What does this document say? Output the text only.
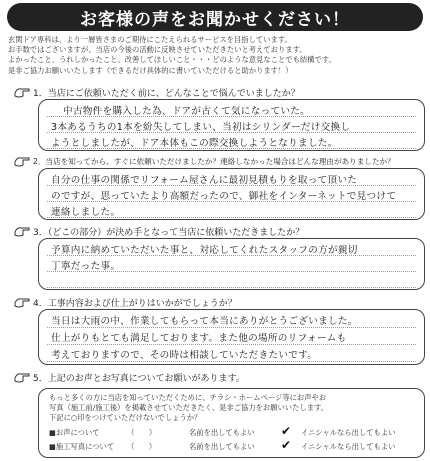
お客様の声をお聞かせください！
玄関ドア専科は、より一層皆さまのご期待にこたえられるサービスを目指しています。
お手数ではございますが、当店の今後の活動に反映させていただきたいと考えております。
よかったこと、うれしかったこと、改善してほしいこと・・・どのような意見なことでも結構です。
是非ご協力お願いいたします（できるだけ具体的に書いていただけると助かります！）
1．当店にご依頼いただく前に、どんなことで悩んでいましたか？
中古物件を購入した為、ドアが古くて気になっていた。
3本あるうちの1本を紛失してしまい、当初はシリンダーだけ交換し
ようとしましたが、ドア本体もこの際交換しようとなりました。
2．当店を知ってから、すぐに依頼いただけましたか？連絡しなかった場合はどんな理由がありましたか？
自分の仕事の関係でリフォーム屋さんに最初見積もりを取って頂いた
のですが、思っていたより高額だったので、御社をインターネットで見つけて
連絡しました。
3．（どこの部分）が決め手となって当店に依頼いただきましたか？
予算内に納めていただいた事と、対応してくれたスタッフの方が親切
丁寧だった事。
4．工事内容および仕上がりはいかがでしょうか？
当日は大雨の中、作業してもらって本当にありがとうございました。
仕上がりもとても満足しております。また他の場所のリフォームも
考えておりますので、その時は相談していただきたいです。
5．上記のお声とお写真についてお願いがあります。
もっと多くの方に当店を知っていただくために、チラシ・ホームページ等にお声やお
写真（施工前/施工後）を掲載させていただきたく、是非ご協力をお願いいたします。
下記に○印をつけていただけないでしょうか？
■お声について	（　　）	名前を出してもよい ✔ イニシャルなら出してもよい
■施工写真について （　　）	名前を出してもよい ✔ イニシャルなら出してもよい
